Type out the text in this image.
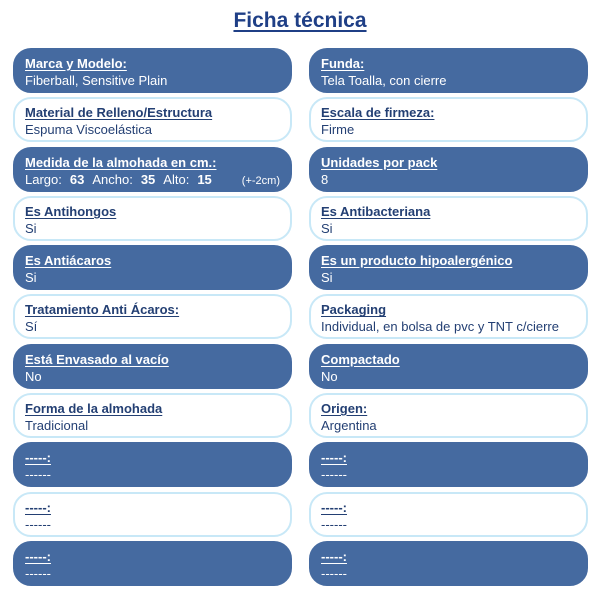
Ficha técnica
Marca y Modelo:
Fiberball, Sensitive Plain
Funda:
Tela Toalla, con cierre
Material de Relleno/Estructura
Espuma Viscoelástica
Escala de firmeza:
Firme
Medida de la almohada en cm.:
Largo: 63 Ancho: 35 Alto: 15	(+-2cm)
Unidades por pack
8
Es Antihongos
Si
Es Antibacteriana
Si
Es Antiácaros
Si
Es un producto hipoalergénico
Si
Tratamiento Anti Ácaros:
Sí
Packaging
Individual, en bolsa de pvc y TNT c/cierre
Está Envasado al vacío
No
Compactado
No
Forma de la almohada
Tradicional
Origen:
Argentina
-----:
------
-----:
------
-----:
------
-----:
------
-----:
------
-----:
------
